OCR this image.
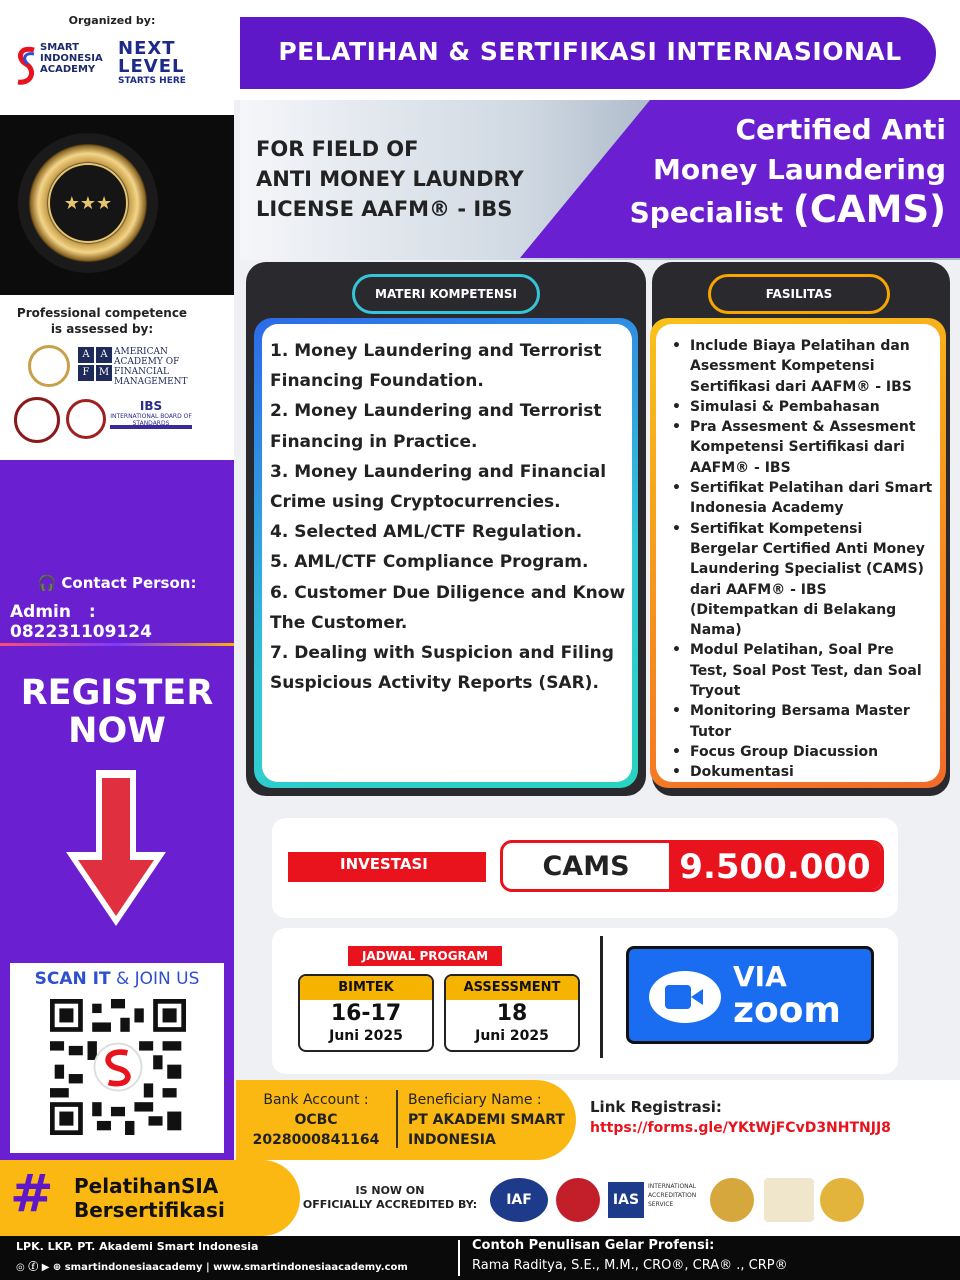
Organized by:
SMART
INDONESIA
ACADEMY
NEXT
LEVEL
STARTS HERE
★★★
Professional competence
is assessed by:
A	A
F M
AMERICAN
ACADEMY OF
FINANCIAL
MANAGEMENT
IBS
INTERNATIONAL BOARD OF STANDARDS
🎧 Contact Person:
Admin : 082231109124
REGISTER
NOW
SCAN IT & JOIN US
PELATIHAN & SERTIFIKASI INTERNASIONAL
FOR FIELD OF
ANTI MONEY LAUNDRY
LICENSE AAFM® - IBS
Certified Anti
Money Laundering
Specialist (CAMS)
MATERI KOMPETENSI
1. Money Laundering and Terrorist Financing Foundation.
2. Money Laundering and Terrorist Financing in Practice.
3. Money Laundering and Financial Crime using Cryptocurrencies.
4. Selected AML/CTF Regulation.
5. AML/CTF Compliance Program.
6. Customer Due Diligence and Know The Customer.
7. Dealing with Suspicion and Filing Suspicious Activity Reports (SAR).
FASILITAS
• Include Biaya Pelatihan dan Asessment Kompetensi Sertifikasi dari AAFM® - IBS
• Simulasi & Pembahasan
• Pra Assesment & Assesment Kompetensi Sertifikasi dari AAFM® - IBS
• Sertifikat Pelatihan dari Smart Indonesia Academy
• Sertifikat Kompetensi Bergelar Certified Anti Money Laundering Specialist (CAMS) dari AAFM® - IBS (Ditempatkan di Belakang Nama)
• Modul Pelatihan, Soal Pre Test, Soal Post Test, dan Soal Tryout
• Monitoring Bersama Master Tutor
• Focus Group Diacussion
• Dokumentasi
INVESTASI	CAMS	9.500.000
JADWAL PROGRAM
BIMTEK
16-17
Juni 2025
ASSESSMENT
18
Juni 2025
VIA
zoom
Bank Account :
OCBC
2028000841164
Beneficiary Name :
PT AKADEMI SMART
INDONESIA
Link Registrasi:
https://forms.gle/YKtWjFCvD3NHTNJJ8
# PelatihanSIA
Bersertifikasi
IS NOW ON
OFFICIALLY ACCREDITED BY:	IAF	IAS
INTERNATIONAL ACCREDITATION SERVICE
LPK. LKP. PT. Akademi Smart Indonesia
◎ ⓕ ▶ ⊕ smartindonesiaacademy | www.smartindonesiaacademy.com
Contoh Penulisan Gelar Profensi:
Rama Raditya, S.E., M.M., CRO®, CRA® ., CRP®
